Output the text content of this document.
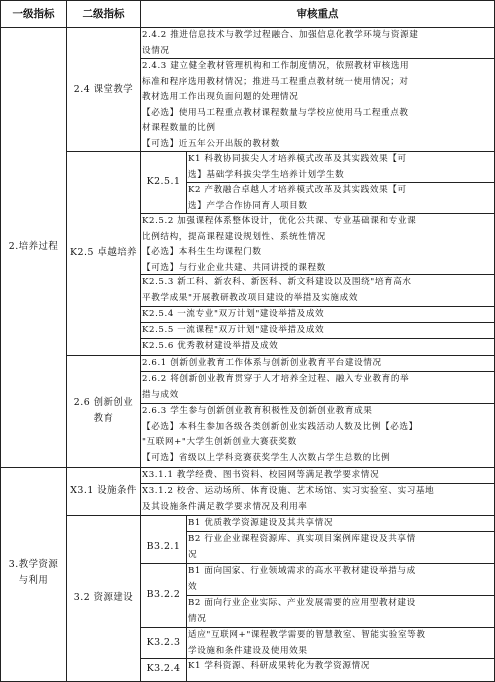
一级指标	二级指标	审核重点
2.培养过程
3.教学资源
与利用
2.4 课堂教学
K2.5 卓越培养
2.6 创新创业
教育
X3.1 设施条件
3.2 资源建设
K2.5.1
B3.2.1
B3.2.2
K3.2.3
K3.2.4
2.4.2 推进信息技术与教学过程融合、加强信息化教学环境与资源建
设情况
2.4.3 建立健全教材管理机构和工作制度情况，依照教材审核选用
标准和程序选用教材情况；推进马工程重点教材统一使用情况；对
教材选用工作出现负面问题的处理情况
【必选】使用马工程重点教材课程数量与学校应使用马工程重点教
材课程数量的比例
【可选】近五年公开出版的教材数
K1 科教协同拔尖人才培养模式改革及其实践效果【可
选】基础学科拔尖学生培养计划学生数
K2 产教融合卓越人才培养模式改革及其实践效果【可
选】产学合作协同育人项目数
K2.5.2 加强课程体系整体设计，优化公共课、专业基础课和专业课
比例结构，提高课程建设规划性、系统性情况
【必选】本科生生均课程门数
【可选】与行业企业共建、共同讲授的课程数
K2.5.3 新工科、新农科、新医科、新文科建设以及围绕"培育高水
平教学成果"开展教研教改项目建设的举措及实施成效
K2.5.4 一流专业"双万计划"建设举措及成效
K2.5.5 一流课程"双万计划"建设举措及成效
K2.5.6 优秀教材建设举措及成效
2.6.1 创新创业教育工作体系与创新创业教育平台建设情况
2.6.2 将创新创业教育贯穿于人才培养全过程、融入专业教育的举
措与成效
2.6.3 学生参与创新创业教育积极性及创新创业教育成果
【必选】本科生参加各级各类创新创业实践活动人数及比例【必选】
"互联网+"大学生创新创业大赛获奖数
【可选】省级以上学科竞赛获奖学生人次数占学生总数的比例
X3.1.1 教学经费、图书资料、校园网等满足教学要求情况
X3.1.2 校舍、运动场所、体育设施、艺术场馆、实习实验室、实习基地
及其设施条件满足教学要求情况及利用率
B1 优质教学资源建设及其共享情况
B2 行业企业课程资源库、真实项目案例库建设及共享情
况
B1 面向国家、行业领域需求的高水平教材建设举措与成
效
B2 面向行业企业实际、产业发展需要的应用型教材建设
情况
适应"互联网+"课程教学需要的智慧教室、智能实验室等教
学设施和条件建设及使用效果
K1 学科资源、科研成果转化为教学资源情况
